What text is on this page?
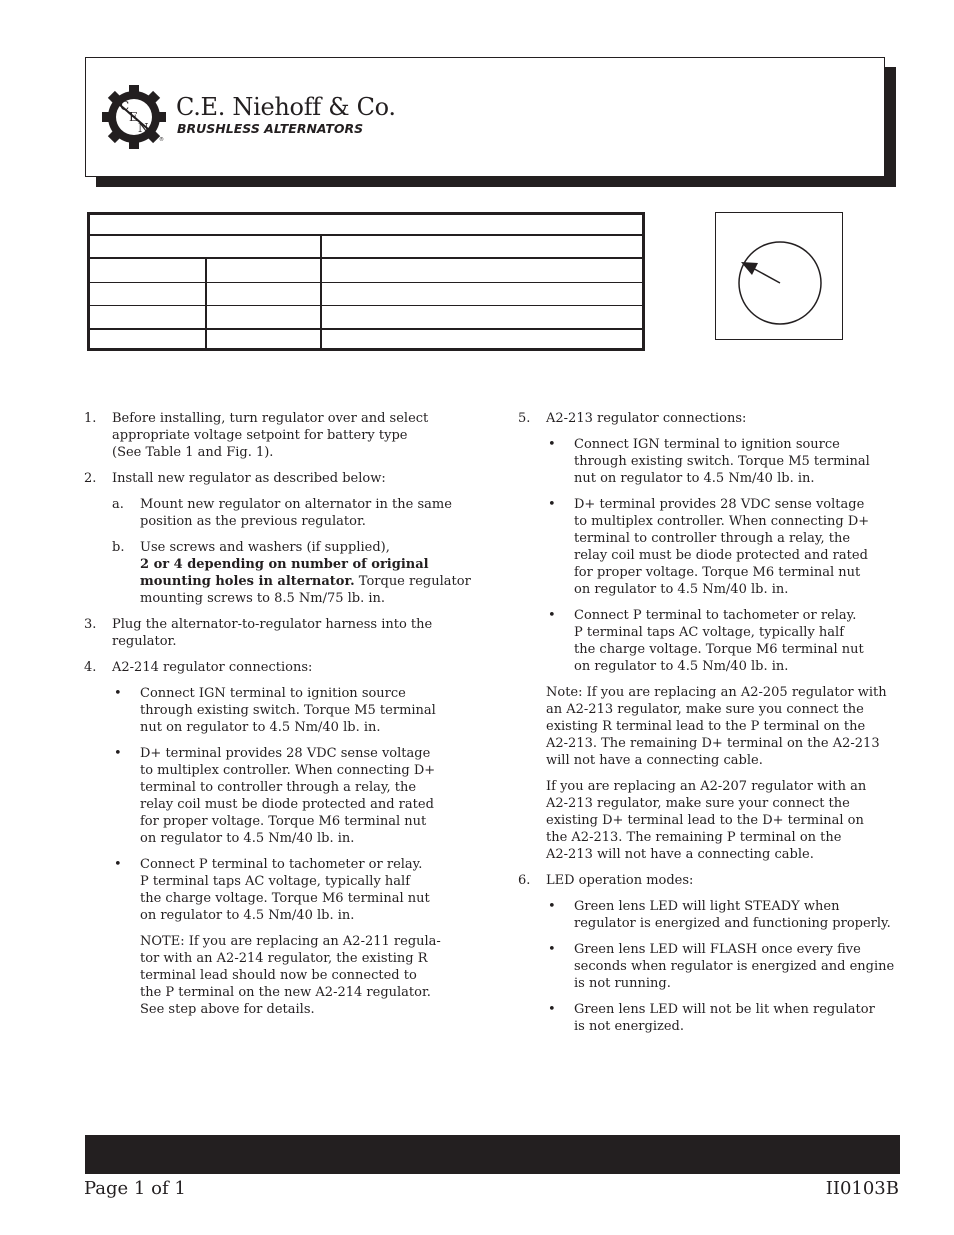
C
E
N
®
C.E. Niehoff & Co.
BRUSHLESS ALTERNATORS
1. Before installing, turn regulator over and select
appropriate voltage setpoint for battery type
(See Table 1 and Fig. 1).
2. Install new regulator as described below:
a. Mount new regulator on alternator in the same
position as the previous regulator.
b. Use screws and washers (if supplied),
2 or 4 depending on number of original
mounting holes in alternator. Torque regulator
mounting screws to 8.5 Nm/75 lb. in.
3. Plug the alternator-to-regulator harness into the
regulator.
4. A2-214 regulator connections:
• Connect IGN terminal to ignition source
through existing switch. Torque M5 terminal
nut on regulator to 4.5 Nm/40 lb. in.
• D+ terminal provides 28 VDC sense voltage
to multiplex controller. When connecting D+
terminal to controller through a relay, the
relay coil must be diode protected and rated
for proper voltage. Torque M6 terminal nut
on regulator to 4.5 Nm/40 lb. in.
• Connect P terminal to tachometer or relay.
P terminal taps AC voltage, typically half
the charge voltage. Torque M6 terminal nut
on regulator to 4.5 Nm/40 lb. in.
NOTE: If you are replacing an A2-211 regula-
tor with an A2-214 regulator, the existing R
terminal lead should now be connected to
the P terminal on the new A2-214 regulator.
See step above for details.
5. A2-213 regulator connections:
• Connect IGN terminal to ignition source
through existing switch. Torque M5 terminal
nut on regulator to 4.5 Nm/40 lb. in.
• D+ terminal provides 28 VDC sense voltage
to multiplex controller. When connecting D+
terminal to controller through a relay, the
relay coil must be diode protected and rated
for proper voltage. Torque M6 terminal nut
on regulator to 4.5 Nm/40 lb. in.
• Connect P terminal to tachometer or relay.
P terminal taps AC voltage, typically half
the charge voltage. Torque M6 terminal nut
on regulator to 4.5 Nm/40 lb. in.
Note: If you are replacing an A2-205 regulator with
an A2-213 regulator, make sure you connect the
existing R terminal lead to the P terminal on the
A2-213. The remaining D+ terminal on the A2-213
will not have a connecting cable.
If you are replacing an A2-207 regulator with an
A2-213 regulator, make sure your connect the
existing D+ terminal lead to the D+ terminal on
the A2-213. The remaining P terminal on the
A2-213 will not have a connecting cable.
6. LED operation modes:
• Green lens LED will light STEADY when
regulator is energized and functioning properly.
• Green lens LED will FLASH once every five
seconds when regulator is energized and engine
is not running.
• Green lens LED will not be lit when regulator
is not energized.
Page 1 of 1	II0103B
